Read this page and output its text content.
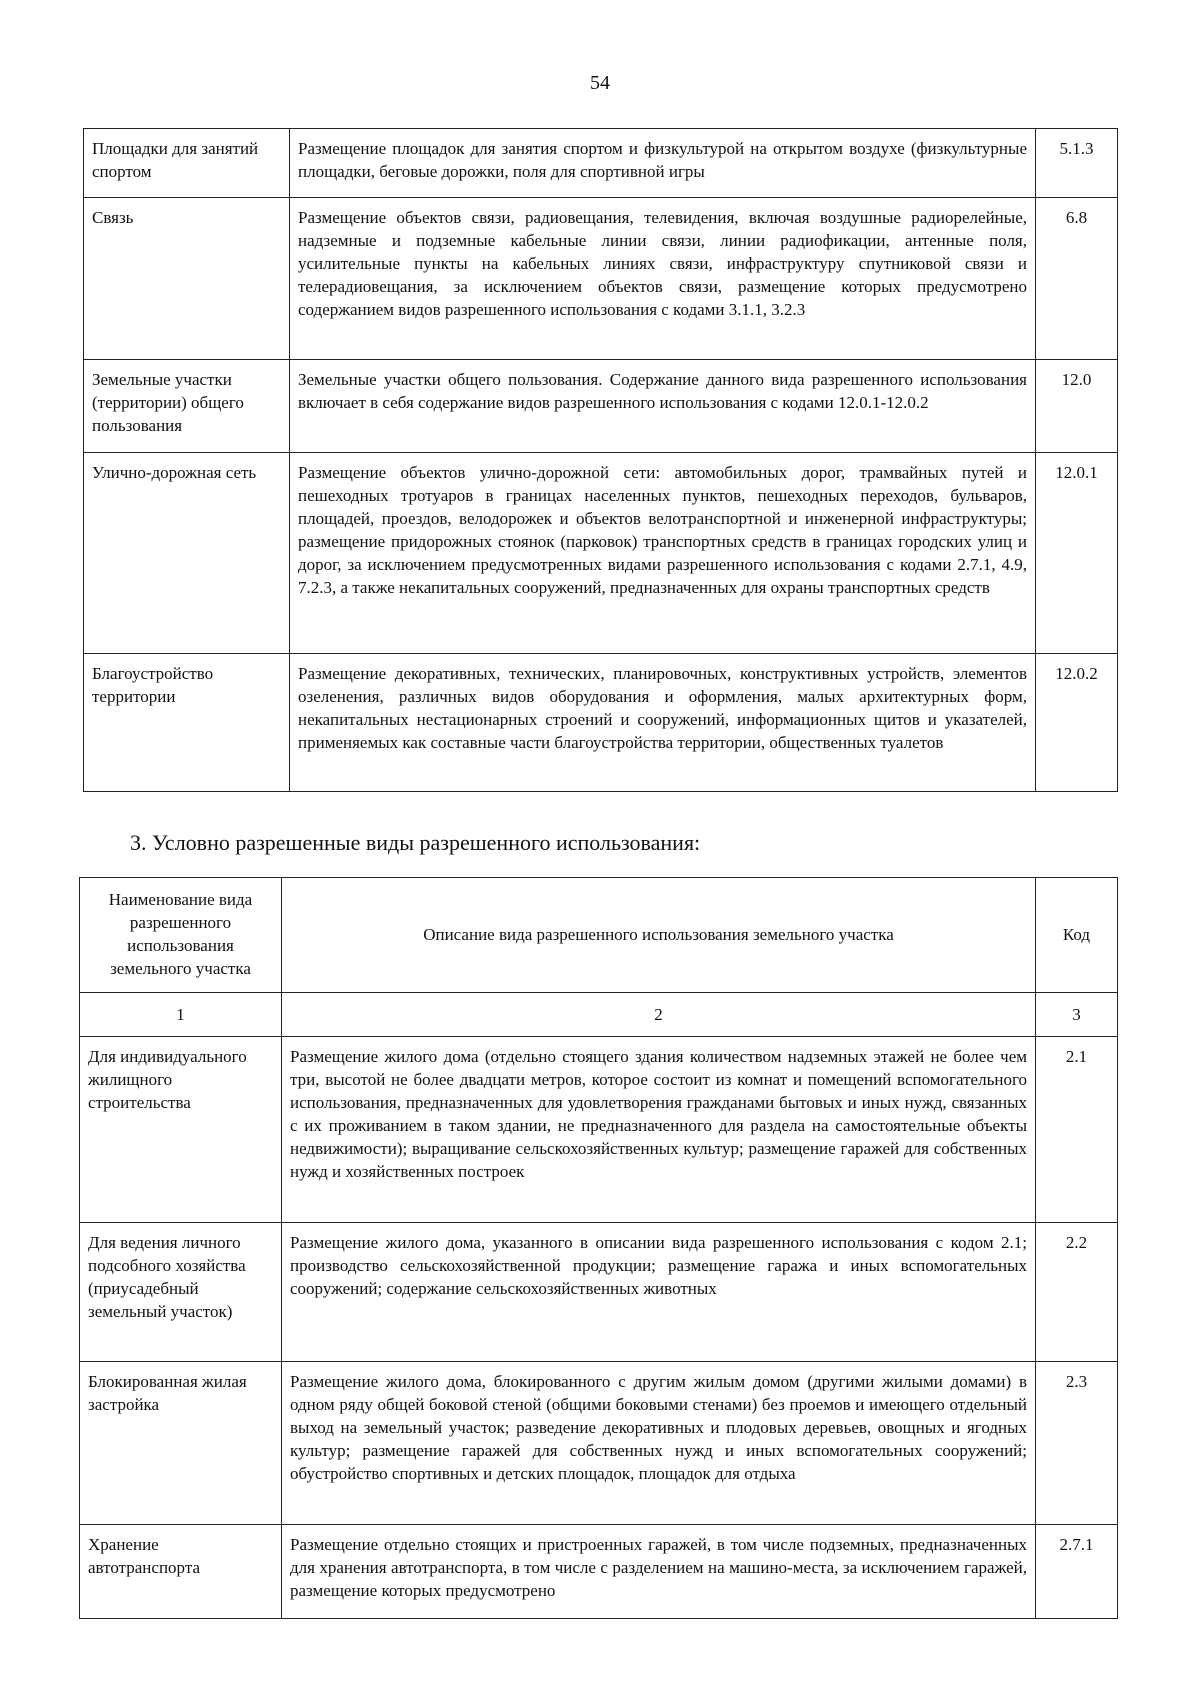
54
Площадки для занятий спортом	Размещение площадок для занятия спортом и физкультурой на открытом воздухе (физкультурные площадки, беговые дорожки, поля для спортивной игры	5.1.3
Связь	Размещение объектов связи, радиовещания, телевидения, включая воздушные радиорелейные, надземные и подземные кабельные линии связи, линии радиофикации, антенные поля, усилительные пункты на кабельных линиях связи, инфраструктуру спутниковой связи и телерадиовещания, за исключением объектов связи, размещение которых предусмотрено содержанием видов разрешенного использования с кодами 3.1.1, 3.2.3	6.8
Земельные участки (территории) общего пользования	Земельные участки общего пользования. Содержание данного вида разрешенного использования включает в себя содержание видов разрешенного использования с кодами 12.0.1-12.0.2	12.0
Улично-дорожная сеть	Размещение объектов улично-дорожной сети: автомобильных дорог, трамвайных путей и пешеходных тротуаров в границах населенных пунктов, пешеходных переходов, бульваров, площадей, проездов, велодорожек и объектов велотранспортной и инженерной инфраструктуры; размещение придорожных стоянок (парковок) транспортных средств в границах городских улиц и дорог, за исключением предусмотренных видами разрешенного использования с кодами 2.7.1, 4.9, 7.2.3, а также некапитальных сооружений, предназначенных для охраны транспортных средств	12.0.1
Благоустройство территории	Размещение декоративных, технических, планировочных, конструктивных устройств, элементов озеленения, различных видов оборудования и оформления, малых архитектурных форм, некапитальных нестационарных строений и сооружений, информационных щитов и указателей, применяемых как составные части благоустройства территории, общественных туалетов	12.0.2
3. Условно разрешенные виды разрешенного использования:
Наименование вида разрешенного использования земельного участка	Описание вида разрешенного использования земельного участка	Код
1	2	3
Для индивидуального жилищного строительства	Размещение жилого дома (отдельно стоящего здания количеством надземных этажей не более чем три, высотой не более двадцати метров, которое состоит из комнат и помещений вспомогательного использования, предназначенных для удовлетворения гражданами бытовых и иных нужд, связанных с их проживанием в таком здании, не предназначенного для раздела на самостоятельные объекты недвижимости); выращивание сельскохозяйственных культур; размещение гаражей для собственных нужд и хозяйственных построек	2.1
Для ведения личного подсобного хозяйства (приусадебный земельный участок)	Размещение жилого дома, указанного в описании вида разрешенного использования с кодом 2.1; производство сельскохозяйственной продукции; размещение гаража и иных вспомогательных сооружений; содержание сельскохозяйственных животных	2.2
Блокированная жилая застройка	Размещение жилого дома, блокированного с другим жилым домом (другими жилыми домами) в одном ряду общей боковой стеной (общими боковыми стенами) без проемов и имеющего отдельный выход на земельный участок; разведение декоративных и плодовых деревьев, овощных и ягодных культур; размещение гаражей для собственных нужд и иных вспомогательных сооружений; обустройство спортивных и детских площадок, площадок для отдыха	2.3
Хранение автотранспорта	Размещение отдельно стоящих и пристроенных гаражей, в том числе подземных, предназначенных для хранения автотранспорта, в том числе с разделением на машино-места, за исключением гаражей, размещение которых предусмотрено	2.7.1
